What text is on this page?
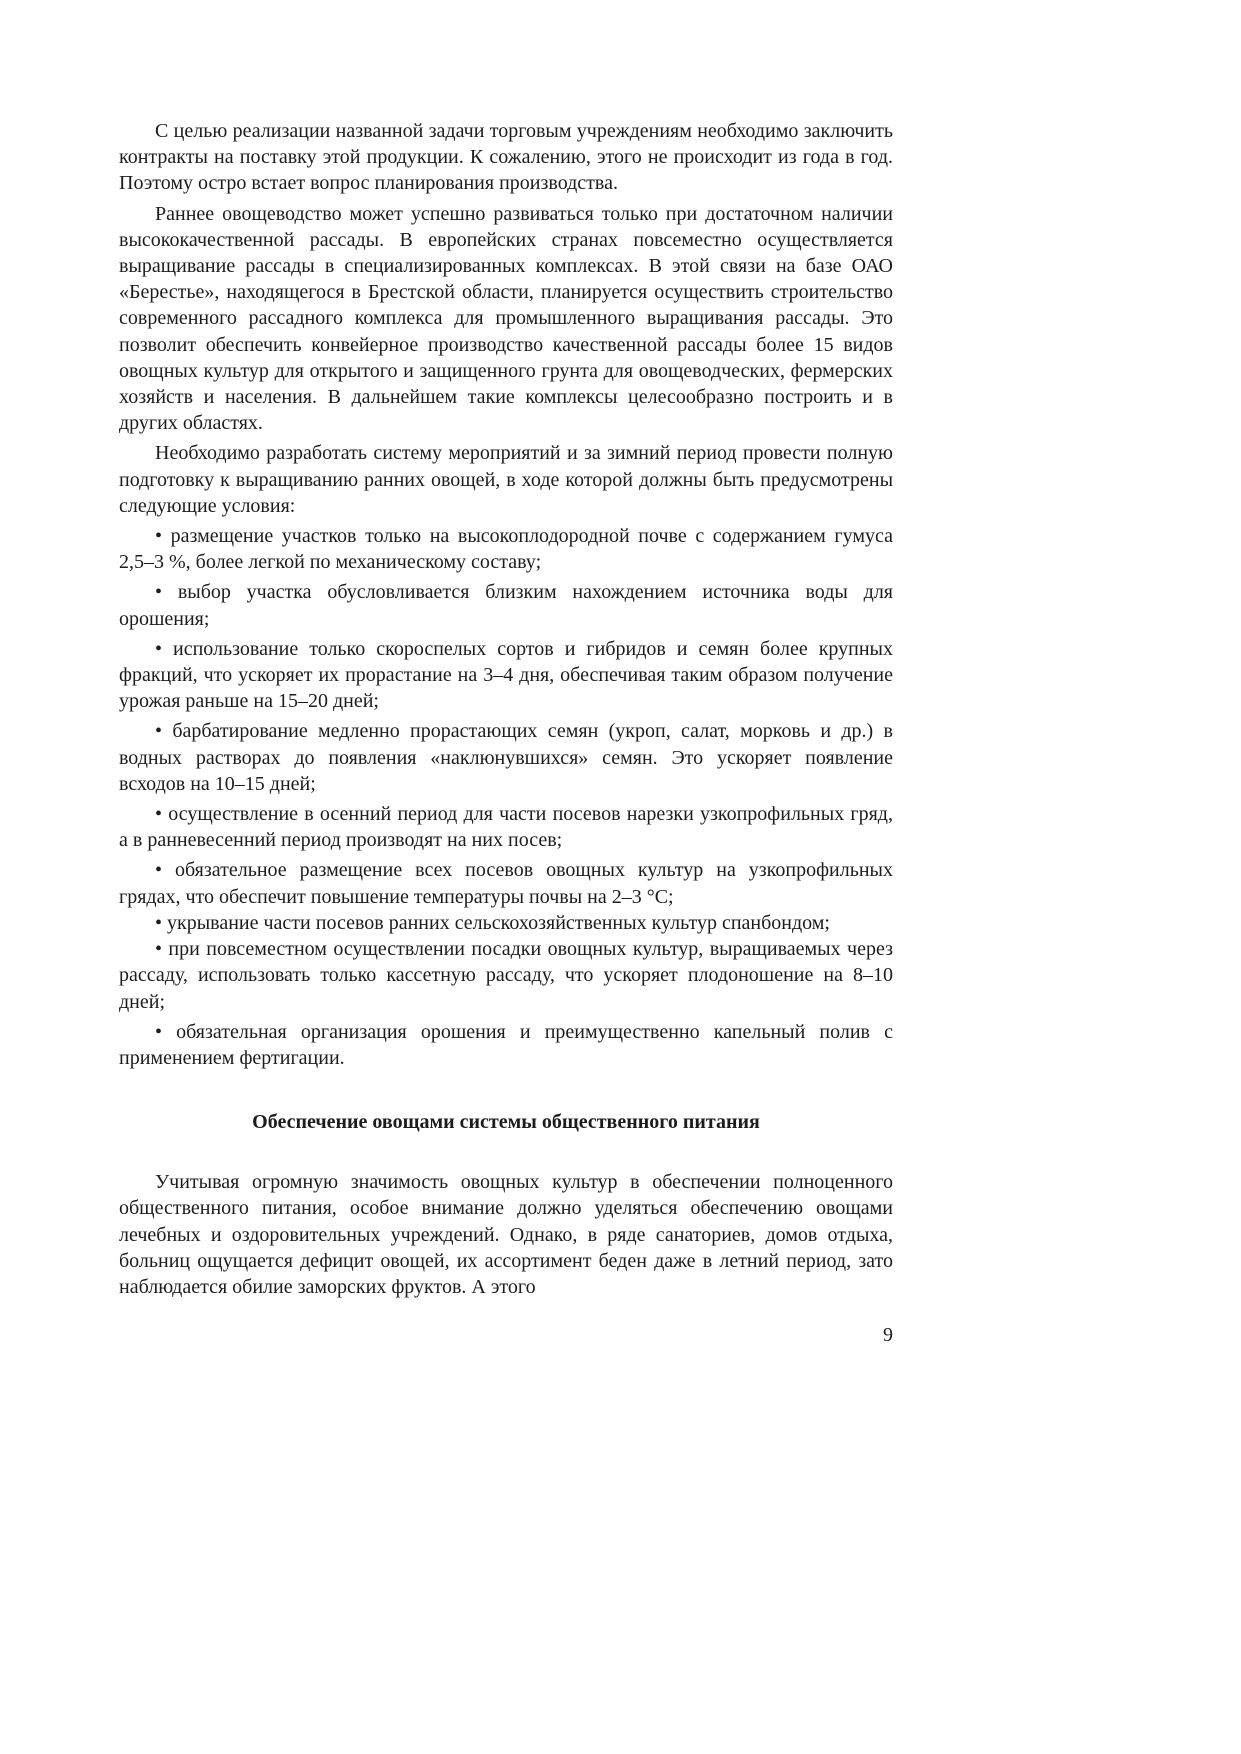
С целью реализации названной задачи торговым учреждениям необходимо заключить контракты на поставку этой продукции. К сожалению, этого не происходит из года в год. Поэтому остро встает вопрос планирования производства.

Раннее овощеводство может успешно развиваться только при достаточном наличии высококачественной рассады. В европейских странах повсеместно осуществляется выращивание рассады в специализированных комплексах. В этой связи на базе ОАО «Берестье», находящегося в Брестской области, планируется осуществить строительство современного рассадного комплекса для промышленного выращивания рассады. Это позволит обеспечить конвейерное производство качественной рассады более 15 видов овощных культур для открытого и защищенного грунта для овощеводческих, фермерских хозяйств и населения. В дальнейшем такие комплексы целесообразно построить и в других областях.

Необходимо разработать систему мероприятий и за зимний период провести полную подготовку к выращиванию ранних овощей, в ходе которой должны быть предусмотрены следующие условия:

• размещение участков только на высокоплодородной почве с содержанием гумуса 2,5–3 %, более легкой по механическому составу;

• выбор участка обусловливается близким нахождением источника воды для орошения;

• использование только скороспелых сортов и гибридов и семян более крупных фракций, что ускоряет их прорастание на 3–4 дня, обеспечивая таким образом получение урожая раньше на 15–20 дней;

• барбатирование медленно прорастающих семян (укроп, салат, морковь и др.) в водных растворах до появления «наклюнувшихся» семян. Это ускоряет появление всходов на 10–15 дней;

• осуществление в осенний период для части посевов нарезки узкопрофильных гряд, а в ранневесенний период производят на них посев;

• обязательное размещение всех посевов овощных культур на узкопрофильных грядах, что обеспечит повышение температуры почвы на 2–3 °С;

• укрывание части посевов ранних сельскохозяйственных культур спанбондом;

• при повсеместном осуществлении посадки овощных культур, выращиваемых через рассаду, использовать только кассетную рассаду, что ускоряет плодоношение на 8–10 дней;

• обязательная организация орошения и преимущественно капельный полив с применением фертигации.

Обеспечение овощами системы общественного питания

Учитывая огромную значимость овощных культур в обеспечении полноценного общественного питания, особое внимание должно уделяться обеспечению овощами лечебных и оздоровительных учреждений. Однако, в ряде санаториев, домов отдыха, больниц ощущается дефицит овощей, их ассортимент беден даже в летний период, зато наблюдается обилие заморских фруктов. А этого

9
